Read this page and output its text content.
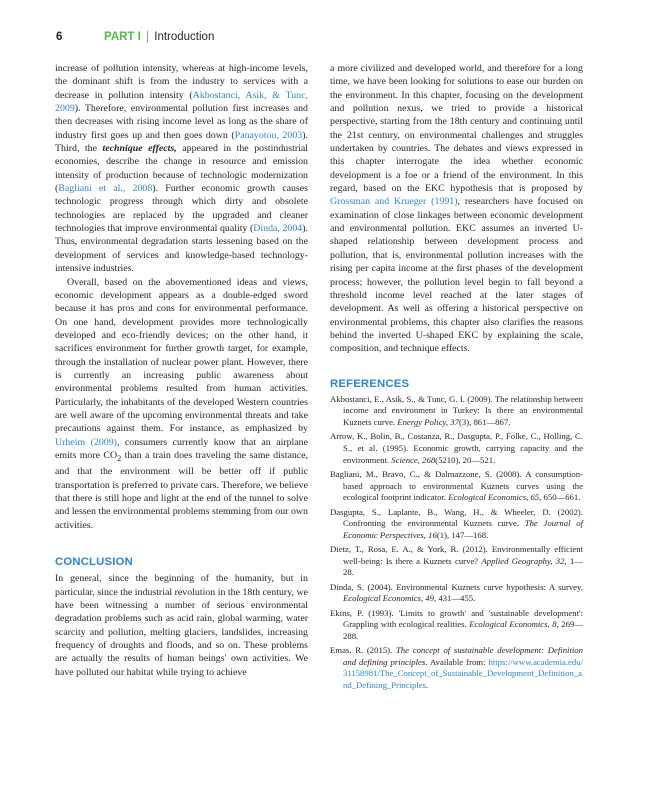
6	PART I | Introduction

increase of pollution intensity, whereas at high-income levels, the dominant shift is from the industry to services with a decrease in pollution intensity (Akbostanci, Asik, & Tunc, 2009). Therefore, environmental pollution first increases and then decreases with rising income level as long as the share of industry first goes up and then goes down (Panayotou, 2003). Third, the technique effects, appeared in the postindustrial economies, describe the change in resource and emission intensity of production because of technologic modernization (Bagliani et al., 2008). Further economic growth causes technologic progress through which dirty and obsolete technologies are replaced by the upgraded and cleaner technologies that improve environmental quality (Dinda, 2004). Thus, environmental degradation starts lessening based on the development of services and knowledge-based technology-intensive industries.

Overall, based on the abovementioned ideas and views, economic development appears as a double-edged sword because it has pros and cons for environmental performance. On one hand, development provides more technologically developed and eco-friendly devices; on the other hand, it sacrifices environment for further growth target, for example, through the installation of nuclear power plant. However, there is currently an increasing public awareness about environmental problems resulted from human activities. Particularly, the inhabitants of the developed Western countries are well aware of the upcoming environmental threats and take precautions against them. For instance, as emphasized by Urheim (2009), consumers currently know that an airplane emits more $CO_2$ than a train does traveling the same distance, and that the environment will be better off if public transportation is preferred to private cars. Therefore, we believe that there is still hope and light at the end of the tunnel to solve and lessen the environmental problems stemming from our own activities.

CONCLUSION

In general, since the beginning of the humanity, but in particular, since the industrial revolution in the 18th century, we have been witnessing a number of serious environmental degradation problems such as acid rain, global warming, water scarcity and pollution, melting glaciers, landslides, increasing frequency of droughts and floods, and so on. These problems are actually the results of human beings' own activities. We have polluted our habitat while trying to achieve

a more civilized and developed world, and therefore for a long time, we have been looking for solutions to ease our burden on the environment. In this chapter, focusing on the development and pollution nexus, we tried to provide a historical perspective, starting from the 18th century and continuing until the 21st century, on environmental challenges and struggles undertaken by countries. The debates and views expressed in this chapter interrogate the idea whether economic development is a foe or a friend of the environment. In this regard, based on the EKC hypothesis that is proposed by Grossman and Krueger (1991), researchers have focused on examination of close linkages between economic development and environmental pollution. EKC assumes an inverted U-shaped relationship between development process and pollution, that is, environmental pollution increases with the rising per capita income at the first phases of the development process; however, the pollution level begin to fall beyond a threshold income level reached at the later stages of development. As well as offering a historical perspective on environmental problems, this chapter also clarifies the reasons behind the inverted U-shaped EKC by explaining the scale, composition, and technique effects.

REFERENCES

Akbostanci, E., Asik, S., & Tunc, G. I. (2009). The relationship between income and environment in Turkey: Is there an environmental Kuznets curve. Energy Policy, 37(3), 861—867.

Arrow, K., Bolin, B., Costanza, R., Dasgupta, P., Folke, C., Holling, C. S., et al. (1995). Economic growth, carrying capacity and the environment. Science, 268(5210), 20—521.

Bagliani, M., Bravo, C., & Dalmazzone, S. (2008). A consumption-based approach to environmental Kuznets curves using the ecological footprint indicator. Ecological Economics, 65, 650—661.

Dasgupta, S., Laplante, B., Wang, H., & Wheeler, D. (2002). Confronting the environmental Kuznets curve. The Journal of Economic Perspectives, 16(1), 147—168.

Dietz, T., Rosa, E. A., & York, R. (2012). Environmentally efficient well-being: Is there a Kuznets curve? Applied Geography, 32, 1—28.

Dinda, S. (2004). Environmental Kuznets curve hypothesis: A survey. Ecological Economics, 49, 431—455.

Ekins, P. (1993). 'Limits to growth' and 'sustainable development': Grappling with ecological realities. Ecological Economics, 8, 269—288.

Emas, R. (2015). The concept of sustainable development: Definition and defining principles. Available from: https://www.academia.edu/31158981/The_Concept_of_Sustainable_Development_Definition_and_Defining_Principles.
